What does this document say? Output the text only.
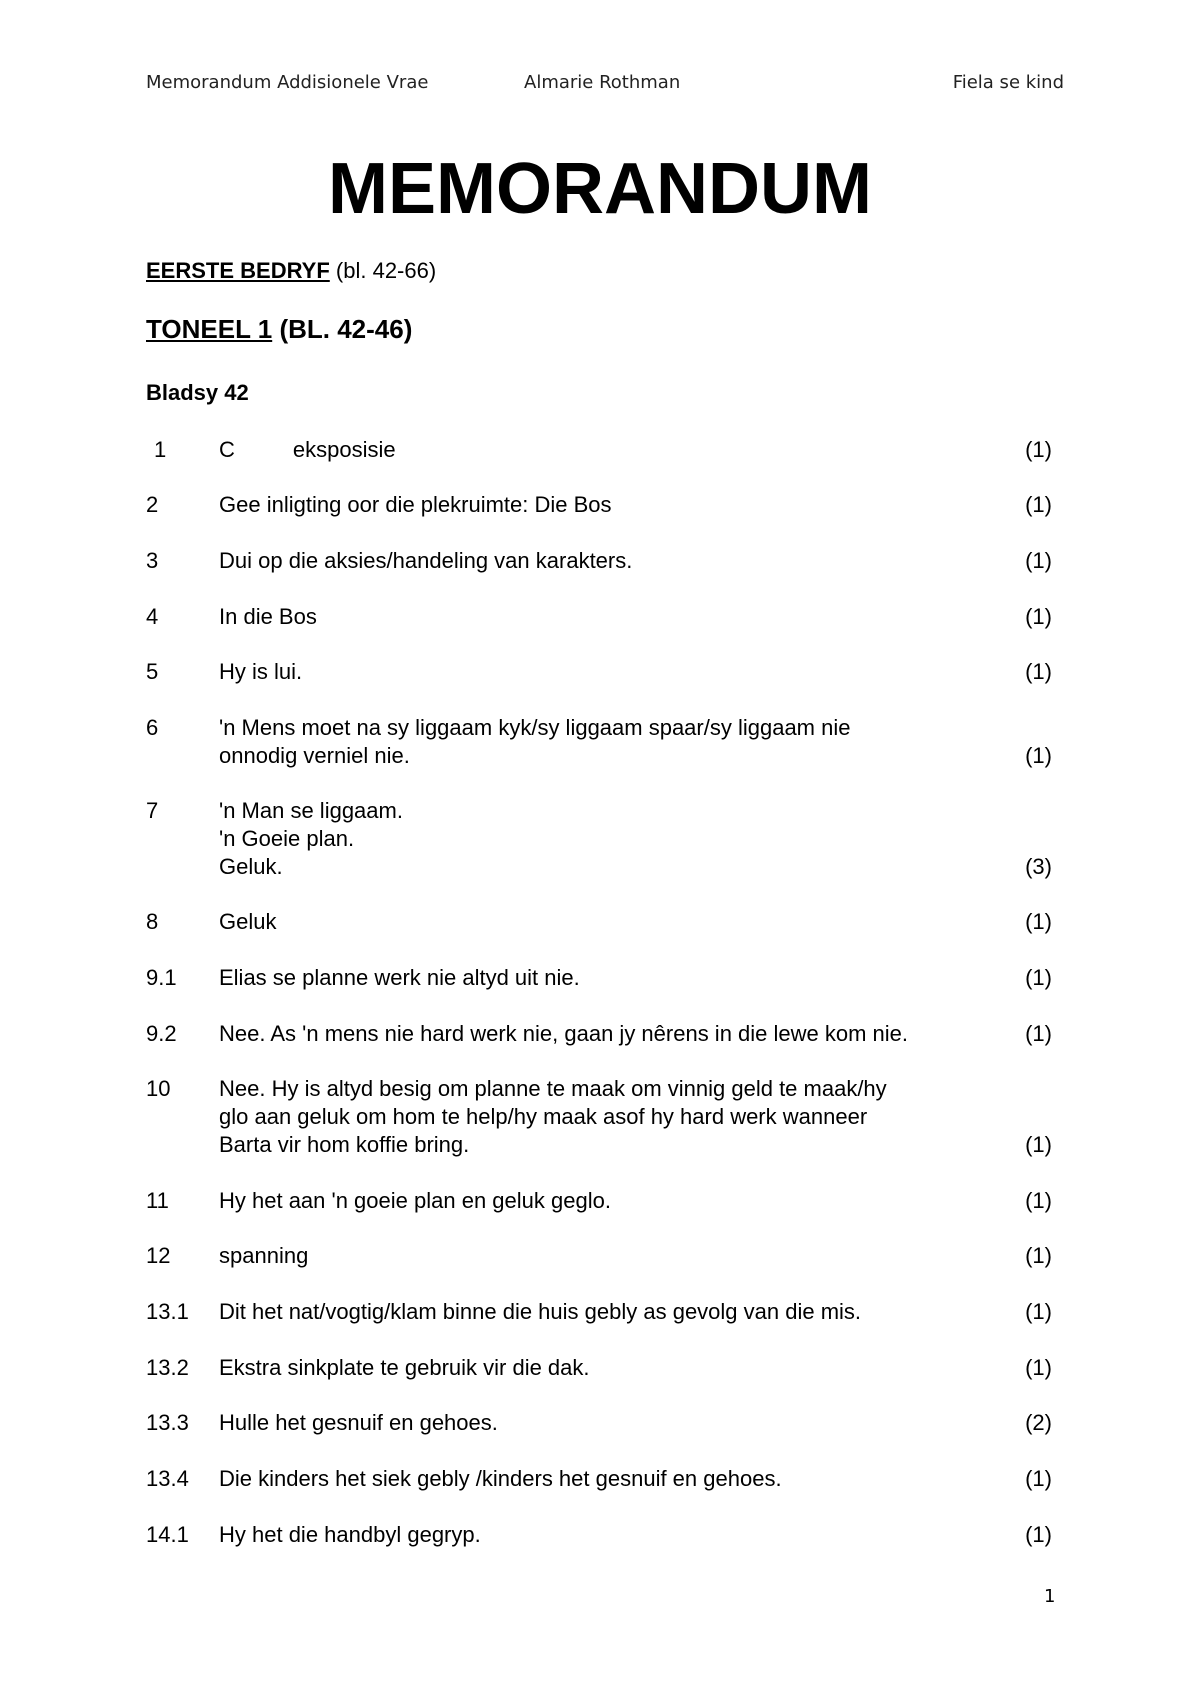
Memorandum Addisionele Vrae	Almarie Rothman	Fiela se kind
MEMORANDUM
EERSTE BEDRYF (bl. 42-66)
TONEEL 1 (BL. 42-46)
Bladsy 42
1 C	eksposisie	(1)
2	Gee inligting oor die plekruimte: Die Bos	(1)
3	Dui op die aksies/handeling van karakters.	(1)
4	In die Bos	(1)
5	Hy is lui.	(1)
6	'n Mens moet na sy liggaam kyk/sy liggaam spaar/sy liggaam nie
onnodig verniel nie.	(1)
7	'n Man se liggaam.
'n Goeie plan.
Geluk.	(3)
8	Geluk	(1)
9.1 Elias se planne werk nie altyd uit nie.	(1)
9.2 Nee. As 'n mens nie hard werk nie, gaan jy nêrens in die lewe kom nie.	(1)
10 Nee. Hy is altyd besig om planne te maak om vinnig geld te maak/hy
glo aan geluk om hom te help/hy maak asof hy hard werk wanneer
Barta vir hom koffie bring.	(1)
11 Hy het aan 'n goeie plan en geluk geglo.	(1)
12 spanning	(1)
13.1 Dit het nat/vogtig/klam binne die huis gebly as gevolg van die mis.	(1)
13.2 Ekstra sinkplate te gebruik vir die dak.	(1)
13.3 Hulle het gesnuif en gehoes.	(2)
13.4 Die kinders het siek gebly /kinders het gesnuif en gehoes.	(1)
14.1 Hy het die handbyl gegryp.	(1)
1
